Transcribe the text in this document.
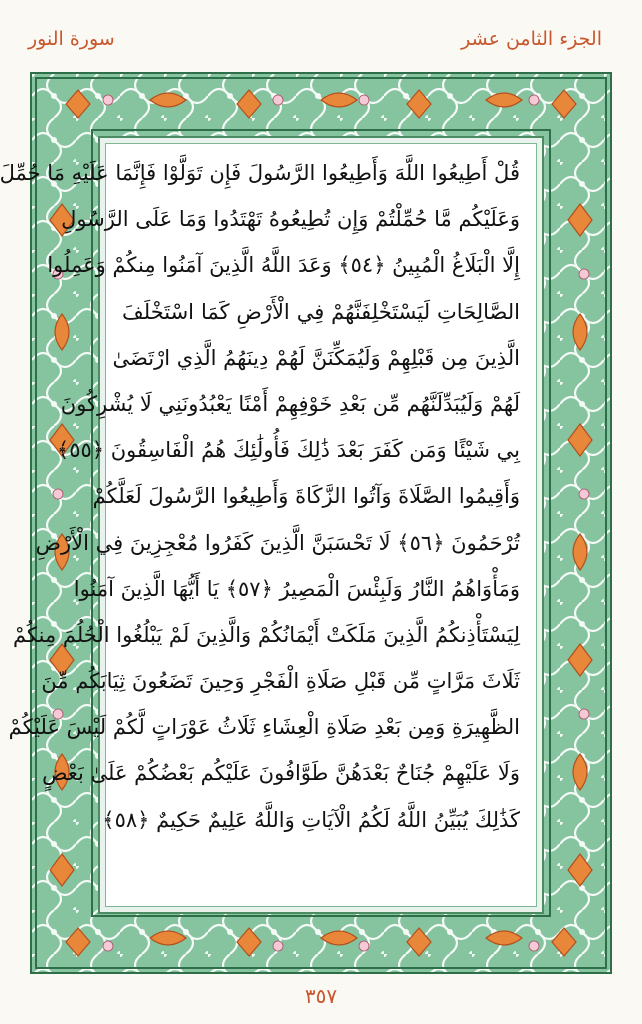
الجزء الثامن عشر
سورة النور
قُلْ أَطِيعُوا اللَّهَ وَأَطِيعُوا الرَّسُولَ فَإِن تَوَلَّوْا فَإِنَّمَا عَلَيْهِ مَا حُمِّلَ
وَعَلَيْكُم مَّا حُمِّلْتُمْ وَإِن تُطِيعُوهُ تَهْتَدُوا وَمَا عَلَى الرَّسُولِ
إِلَّا الْبَلَاغُ الْمُبِينُ ﴿٥٤﴾ وَعَدَ اللَّهُ الَّذِينَ آمَنُوا مِنكُمْ وَعَمِلُوا
الصَّالِحَاتِ لَيَسْتَخْلِفَنَّهُمْ فِي الْأَرْضِ كَمَا اسْتَخْلَفَ
الَّذِينَ مِن قَبْلِهِمْ وَلَيُمَكِّنَنَّ لَهُمْ دِينَهُمُ الَّذِي ارْتَضَىٰ
لَهُمْ وَلَيُبَدِّلَنَّهُم مِّن بَعْدِ خَوْفِهِمْ أَمْنًا يَعْبُدُونَنِي لَا يُشْرِكُونَ
بِي شَيْئًا وَمَن كَفَرَ بَعْدَ ذَٰلِكَ فَأُولَٰئِكَ هُمُ الْفَاسِقُونَ ﴿٥٥﴾
وَأَقِيمُوا الصَّلَاةَ وَآتُوا الزَّكَاةَ وَأَطِيعُوا الرَّسُولَ لَعَلَّكُمْ
تُرْحَمُونَ ﴿٥٦﴾ لَا تَحْسَبَنَّ الَّذِينَ كَفَرُوا مُعْجِزِينَ فِي الْأَرْضِ
وَمَأْوَاهُمُ النَّارُ وَلَبِئْسَ الْمَصِيرُ ﴿٥٧﴾ يَا أَيُّهَا الَّذِينَ آمَنُوا
لِيَسْتَأْذِنكُمُ الَّذِينَ مَلَكَتْ أَيْمَانُكُمْ وَالَّذِينَ لَمْ يَبْلُغُوا الْحُلُمَ مِنكُمْ
ثَلَاثَ مَرَّاتٍ مِّن قَبْلِ صَلَاةِ الْفَجْرِ وَحِينَ تَضَعُونَ ثِيَابَكُم مِّنَ
الظَّهِيرَةِ وَمِن بَعْدِ صَلَاةِ الْعِشَاءِ ثَلَاثُ عَوْرَاتٍ لَّكُمْ لَيْسَ عَلَيْكُمْ
وَلَا عَلَيْهِمْ جُنَاحٌ بَعْدَهُنَّ طَوَّافُونَ عَلَيْكُم بَعْضُكُمْ عَلَىٰ بَعْضٍ
كَذَٰلِكَ يُبَيِّنُ اللَّهُ لَكُمُ الْآيَاتِ وَاللَّهُ عَلِيمٌ حَكِيمٌ ﴿٥٨﴾
٣٥٧
